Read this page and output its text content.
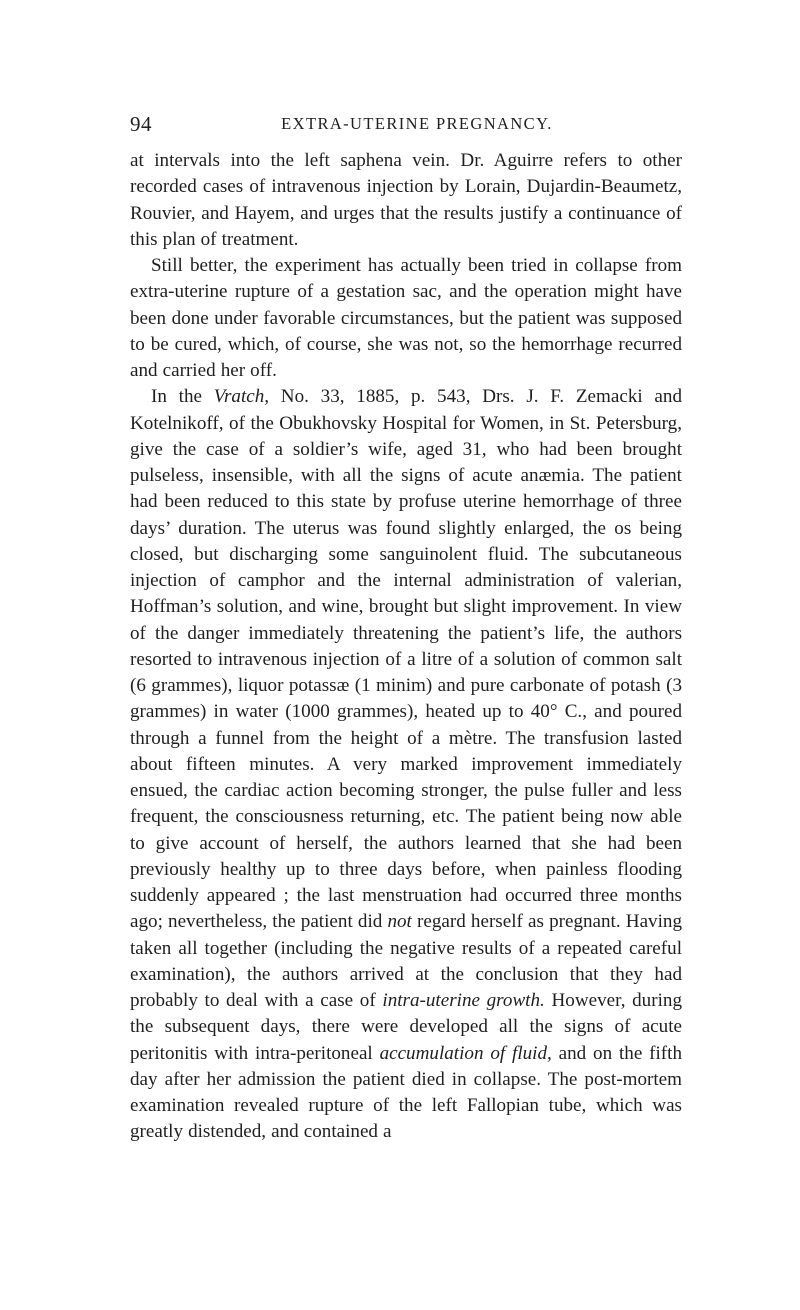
94	EXTRA-UTERINE PREGNANCY.

at intervals into the left saphena vein. Dr. Aguirre refers to other recorded cases of intravenous injection by Lorain, Dujardin-Beaumetz, Rouvier, and Hayem, and urges that the results justify a continuance of this plan of treatment.

Still better, the experiment has actually been tried in collapse from extra-uterine rupture of a gestation sac, and the operation might have been done under favorable circumstances, but the patient was supposed to be cured, which, of course, she was not, so the hemorrhage recurred and carried her off.

In the Vratch, No. 33, 1885, p. 543, Drs. J. F. Zemacki and Kotelnikoff, of the Obukhovsky Hospital for Women, in St. Petersburg, give the case of a soldier’s wife, aged 31, who had been brought pulseless, insensible, with all the signs of acute anæmia. The patient had been reduced to this state by profuse uterine hemorrhage of three days’ duration. The uterus was found slightly enlarged, the os being closed, but discharging some sanguinolent fluid. The subcutaneous injection of camphor and the internal administration of valerian, Hoffman’s solution, and wine, brought but slight improvement. In view of the danger immediately threatening the patient’s life, the authors resorted to intravenous injection of a litre of a solution of common salt (6 grammes), liquor potassæ (1 minim) and pure carbonate of potash (3 grammes) in water (1000 grammes), heated up to 40° C., and poured through a funnel from the height of a mètre. The transfusion lasted about fifteen minutes. A very marked improvement immediately ensued, the cardiac action becoming stronger, the pulse fuller and less frequent, the consciousness returning, etc. The patient being now able to give account of herself, the authors learned that she had been previously healthy up to three days before, when painless flooding suddenly appeared ; the last menstruation had occurred three months ago; nevertheless, the patient did not regard herself as pregnant. Having taken all together (including the negative results of a repeated careful examination), the authors arrived at the conclusion that they had probably to deal with a case of intra-uterine growth. However, during the subsequent days, there were developed all the signs of acute peritonitis with intra-peritoneal accumulation of fluid, and on the fifth day after her admission the patient died in collapse. The post-mortem examination revealed rupture of the left Fallopian tube, which was greatly distended, and contained a
